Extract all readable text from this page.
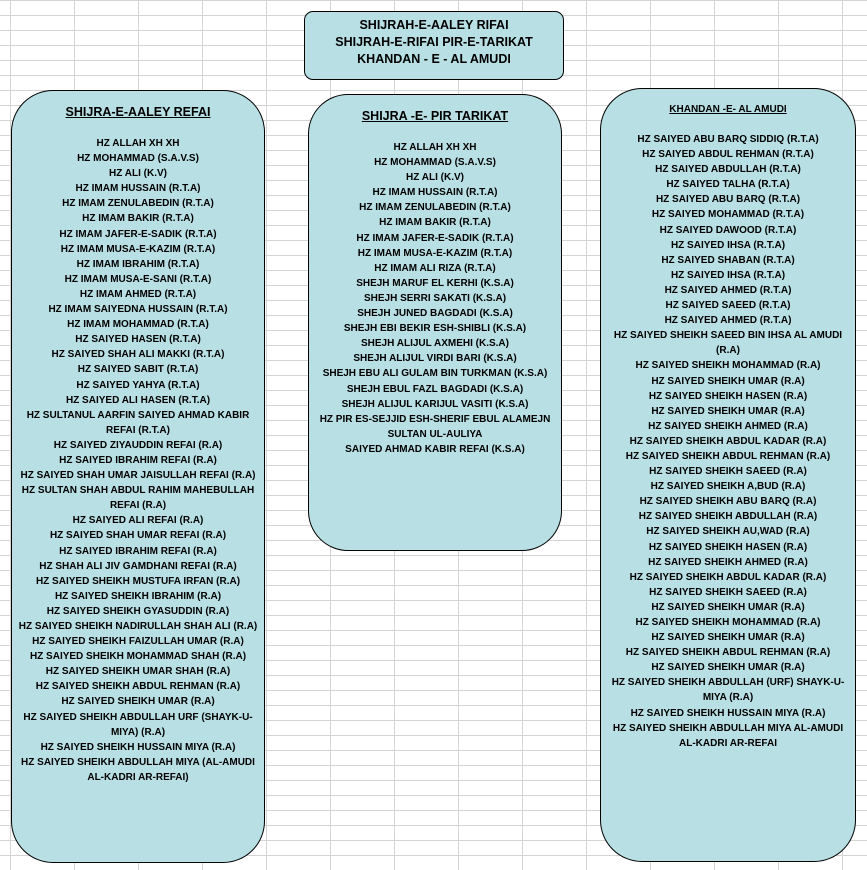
SHIJRAH-E-AALEY RIFAI
SHIJRAH-E-RIFAI PIR-E-TARIKAT
KHANDAN - E - AL AMUDI
SHIJRA-E-AALEY REFAI
HZ ALLAH XH XH
HZ MOHAMMAD (S.A.V.S)
HZ ALI (K.V)
HZ IMAM HUSSAIN (R.T.A)
HZ IMAM ZENULABEDIN (R.T.A)
HZ IMAM BAKIR (R.T.A)
HZ IMAM JAFER-E-SADIK (R.T.A)
HZ IMAM MUSA-E-KAZIM (R.T.A)
HZ IMAM IBRAHIM (R.T.A)
HZ IMAM MUSA-E-SANI (R.T.A)
HZ IMAM AHMED (R.T.A)
HZ IMAM SAIYEDNA HUSSAIN (R.T.A)
HZ IMAM MOHAMMAD (R.T.A)
HZ SAIYED HASEN (R.T.A)
HZ SAIYED SHAH ALI MAKKI (R.T.A)
HZ SAIYED SABIT (R.T.A)
HZ SAIYED YAHYA (R.T.A)
HZ SAIYED ALI HASEN (R.T.A)
HZ SULTANUL AARFIN SAIYED AHMAD KABIR REFAI (R.T.A)
HZ SAIYED ZIYAUDDIN REFAI (R.A)
HZ SAIYED IBRAHIM REFAI (R.A)
HZ SAIYED SHAH UMAR JAISULLAH REFAI (R.A)
HZ SULTAN SHAH ABDUL RAHIM MAHEBULLAH REFAI (R.A)
HZ SAIYED ALI REFAI (R.A)
HZ SAIYED SHAH UMAR REFAI (R.A)
HZ SAIYED IBRAHIM REFAI (R.A)
HZ SHAH ALI JIV GAMDHANI REFAI (R.A)
HZ SAIYED SHEIKH MUSTUFA IRFAN (R.A)
HZ SAIYED SHEIKH IBRAHIM (R.A)
HZ SAIYED SHEIKH GYASUDDIN (R.A)
HZ SAIYED SHEIKH NADIRULLAH SHAH ALI (R.A)
HZ SAIYED SHEIKH FAIZULLAH UMAR (R.A)
HZ SAIYED SHEIKH MOHAMMAD SHAH (R.A)
HZ SAIYED SHEIKH UMAR SHAH (R.A)
HZ SAIYED SHEIKH ABDUL REHMAN (R.A)
HZ SAIYED SHEIKH UMAR (R.A)
HZ SAIYED SHEIKH ABDULLAH URF (SHAYK-U-MIYA) (R.A)
HZ SAIYED SHEIKH HUSSAIN MIYA (R.A)
HZ SAIYED SHEIKH ABDULLAH MIYA (AL-AMUDI AL-KADRI AR-REFAI)
SHIJRA -E- PIR TARIKAT
HZ ALLAH XH XH
HZ MOHAMMAD (S.A.V.S)
HZ ALI (K.V)
HZ IMAM HUSSAIN (R.T.A)
HZ IMAM ZENULABEDIN (R.T.A)
HZ IMAM BAKIR (R.T.A)
HZ IMAM JAFER-E-SADIK (R.T.A)
HZ IMAM MUSA-E-KAZIM (R.T.A)
HZ IMAM ALI RIZA (R.T.A)
SHEJH MARUF EL KERHI (K.S.A)
SHEJH SERRI SAKATI (K.S.A)
SHEJH JUNED BAGDADI (K.S.A)
SHEJH EBI BEKIR ESH-SHIBLI (K.S.A)
SHEJH ALIJUL AXMEHI (K.S.A)
SHEJH ALIJUL VIRDI BARI (K.S.A)
SHEJH EBU ALI GULAM BIN TURKMAN (K.S.A)
SHEJH EBUL FAZL BAGDADI (K.S.A)
SHEJH ALIJUL KARIJUL VASITI (K.S.A)
HZ PIR ES-SEJJID ESH-SHERIF EBUL ALAMEJN
SULTAN UL-AULIYA
SAIYED AHMAD KABIR REFAI (K.S.A)
KHANDAN -E- AL AMUDI
HZ SAIYED ABU BARQ SIDDIQ (R.T.A)
HZ SAIYED ABDUL REHMAN (R.T.A)
HZ SAIYED ABDULLAH (R.T.A)
HZ SAIYED TALHA (R.T.A)
HZ SAIYED ABU BARQ (R.T.A)
HZ SAIYED MOHAMMAD (R.T.A)
HZ SAIYED DAWOOD (R.T.A)
HZ SAIYED IHSA (R.T.A)
HZ SAIYED SHABAN (R.T.A)
HZ SAIYED IHSA (R.T.A)
HZ SAIYED AHMED (R.T.A)
HZ SAIYED SAEED (R.T.A)
HZ SAIYED AHMED (R.T.A)
HZ SAIYED SHEIKH SAEED BIN IHSA AL AMUDI (R.A)
HZ SAIYED SHEIKH MOHAMMAD (R.A)
HZ SAIYED SHEIKH UMAR (R.A)
HZ SAIYED SHEIKH HASEN (R.A)
HZ SAIYED SHEIKH UMAR (R.A)
HZ SAIYED SHEIKH AHMED (R.A)
HZ SAIYED SHEIKH ABDUL KADAR (R.A)
HZ SAIYED SHEIKH ABDUL REHMAN (R.A)
HZ SAIYED SHEIKH SAEED (R.A)
HZ SAIYED SHEIKH A,BUD (R.A)
HZ SAIYED SHEIKH ABU BARQ (R.A)
HZ SAIYED SHEIKH ABDULLAH (R.A)
HZ SAIYED SHEIKH AU,WAD (R.A)
HZ SAIYED SHEIKH HASEN (R.A)
HZ SAIYED SHEIKH AHMED (R.A)
HZ SAIYED SHEIKH ABDUL KADAR (R.A)
HZ SAIYED SHEIKH SAEED (R.A)
HZ SAIYED SHEIKH UMAR (R.A)
HZ SAIYED SHEIKH MOHAMMAD (R.A)
HZ SAIYED SHEIKH UMAR (R.A)
HZ SAIYED SHEIKH ABDUL REHMAN (R.A)
HZ SAIYED SHEIKH UMAR (R.A)
HZ SAIYED SHEIKH ABDULLAH (URF) SHAYK-U-MIYA (R.A)
HZ SAIYED SHEIKH HUSSAIN MIYA (R.A)
HZ SAIYED SHEIKH ABDULLAH MIYA AL-AMUDI AL-KADRI AR-REFAI
